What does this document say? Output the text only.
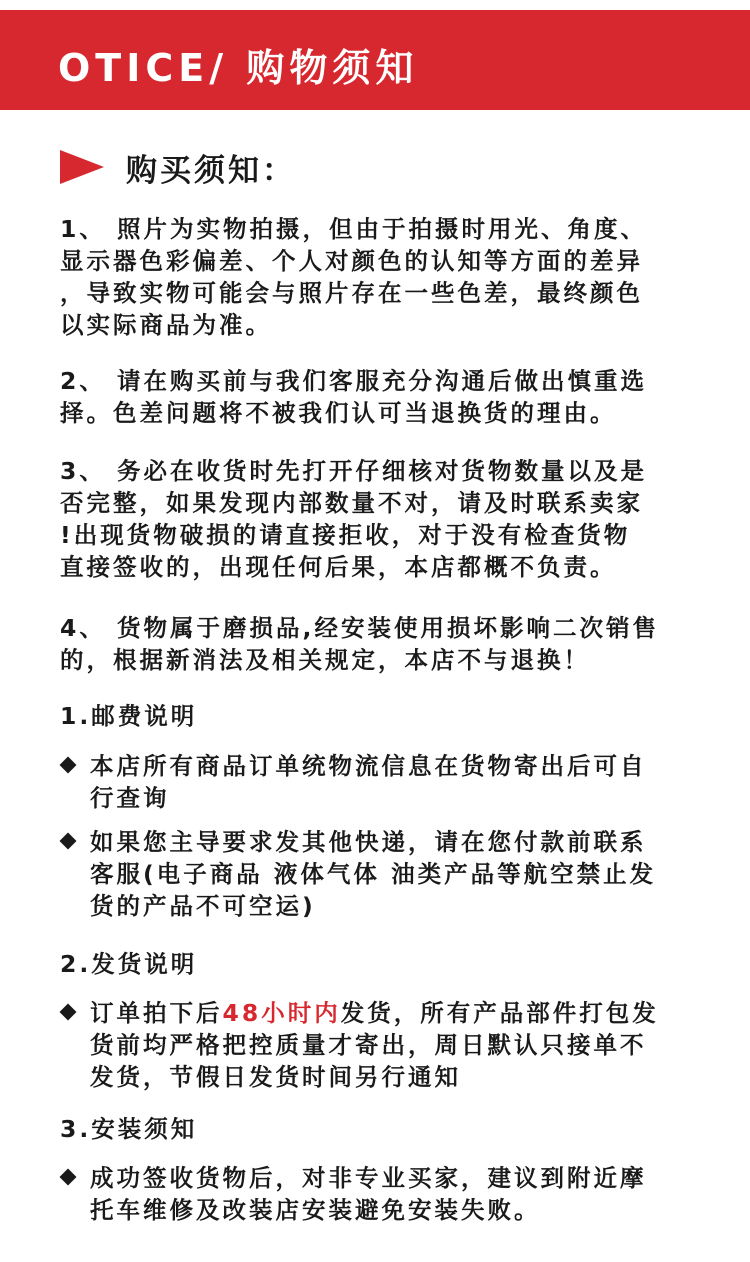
OTICE/ 购物须知
购买须知：
1、 照片为实物拍摄，但由于拍摄时用光、角度、
显示器色彩偏差、个人对颜色的认知等方面的差异
，导致实物可能会与照片存在一些色差，最终颜色
以实际商品为准。
2、 请在购买前与我们客服充分沟通后做出慎重选
择。色差问题将不被我们认可当退换货的理由。
3、 务必在收货时先打开仔细核对货物数量以及是
否完整，如果发现内部数量不对，请及时联系卖家
!出现货物破损的请直接拒收，对于没有检查货物
直接签收的，出现任何后果，本店都概不负责。
4、 货物属于磨损品,经安装使用损坏影响二次销售
的，根据新消法及相关规定，本店不与退换！
1.邮费说明
本店所有商品订单统物流信息在货物寄出后可自
行查询
如果您主导要求发其他快递，请在您付款前联系
客服(电子商品 液体气体 油类产品等航空禁止发
货的产品不可空运)
2.发货说明
订单拍下后48小时内发货，所有产品部件打包发
货前均严格把控质量才寄出，周日默认只接单不
发货，节假日发货时间另行通知
3.安装须知
成功签收货物后，对非专业买家，建议到附近摩
托车维修及改装店安装避免安装失败。
